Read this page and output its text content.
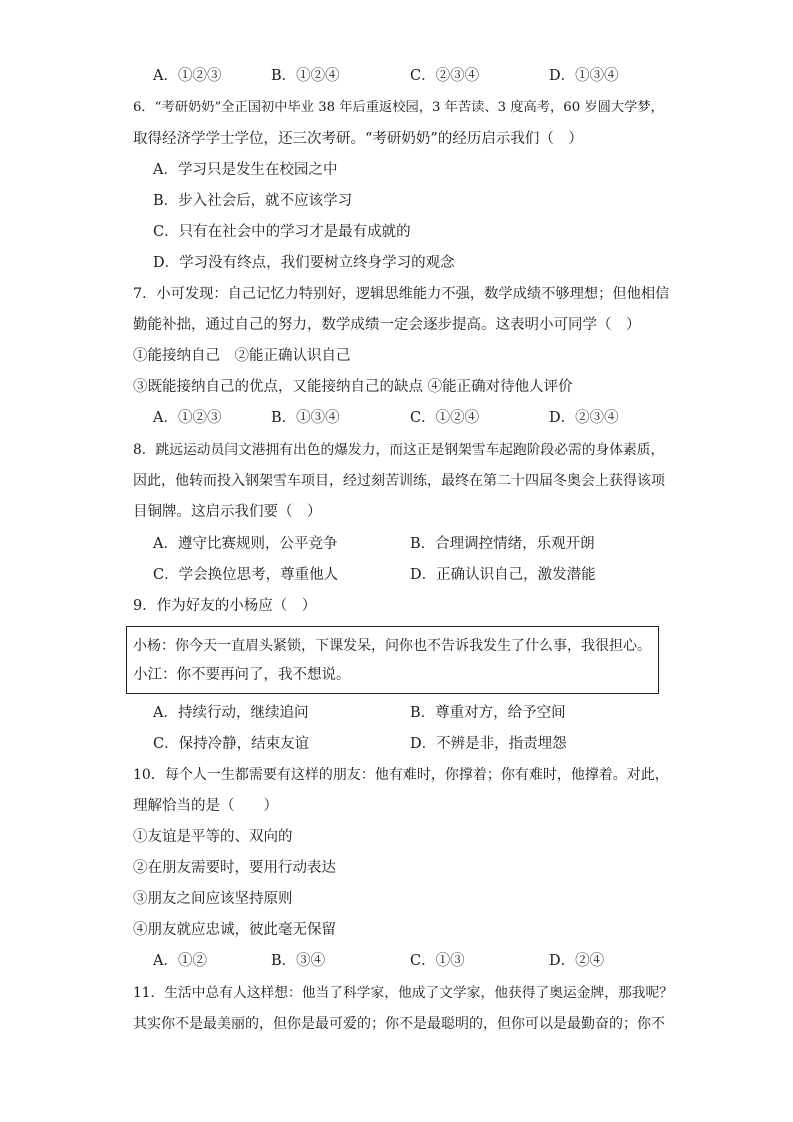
A．①②③	B．①②④	C．②③④	D．①③④
6．“考研奶奶”全正国初中毕业 38 年后重返校园，3 年苦读、3 度高考，60 岁圆大学梦，
取得经济学学士学位，还三次考研。“考研奶奶”的经历启示我们（　）
A．学习只是发生在校园之中
B．步入社会后，就不应该学习
C．只有在社会中的学习才是最有成就的
D．学习没有终点，我们要树立终身学习的观念
7．小可发现：自己记忆力特别好，逻辑思维能力不强，数学成绩不够理想；但他相信
勤能补拙，通过自己的努力，数学成绩一定会逐步提高。这表明小可同学（　）
①能接纳自己　②能正确认识自己
③既能接纳自己的优点，又能接纳自己的缺点 ④能正确对待他人评价
A．①②③	B．①③④	C．①②④	D．②③④
8．跳远运动员闫文港拥有出色的爆发力，而这正是钢架雪车起跑阶段必需的身体素质，
因此，他转而投入钢架雪车项目，经过刻苦训练，最终在第二十四届冬奥会上获得该项
目铜牌。这启示我们要（　）
A．遵守比赛规则，公平竞争	B．合理调控情绪，乐观开朗
C．学会换位思考，尊重他人	D．正确认识自己，激发潜能
9．作为好友的小杨应（　）
小杨：你今天一直眉头紧锁，下课发呆，问你也不告诉我发生了什么事，我很担心。
小江：你不要再问了，我不想说。
A．持续行动，继续追问	B．尊重对方，给予空间
C．保持冷静，结束友谊	D．不辨是非，指责埋怨
10．每个人一生都需要有这样的朋友：他有难时，你撑着；你有难时，他撑着。对此，
理解恰当的是（　　）
①友谊是平等的、双向的
②在朋友需要时，要用行动表达
③朋友之间应该坚持原则
④朋友就应忠诚，彼此毫无保留
A．①②	B．③④	C．①③	D．②④
11．生活中总有人这样想：他当了科学家，他成了文学家，他获得了奥运金牌，那我呢？
其实你不是最美丽的，但你是最可爱的；你不是最聪明的，但你可以是最勤奋的；你不
